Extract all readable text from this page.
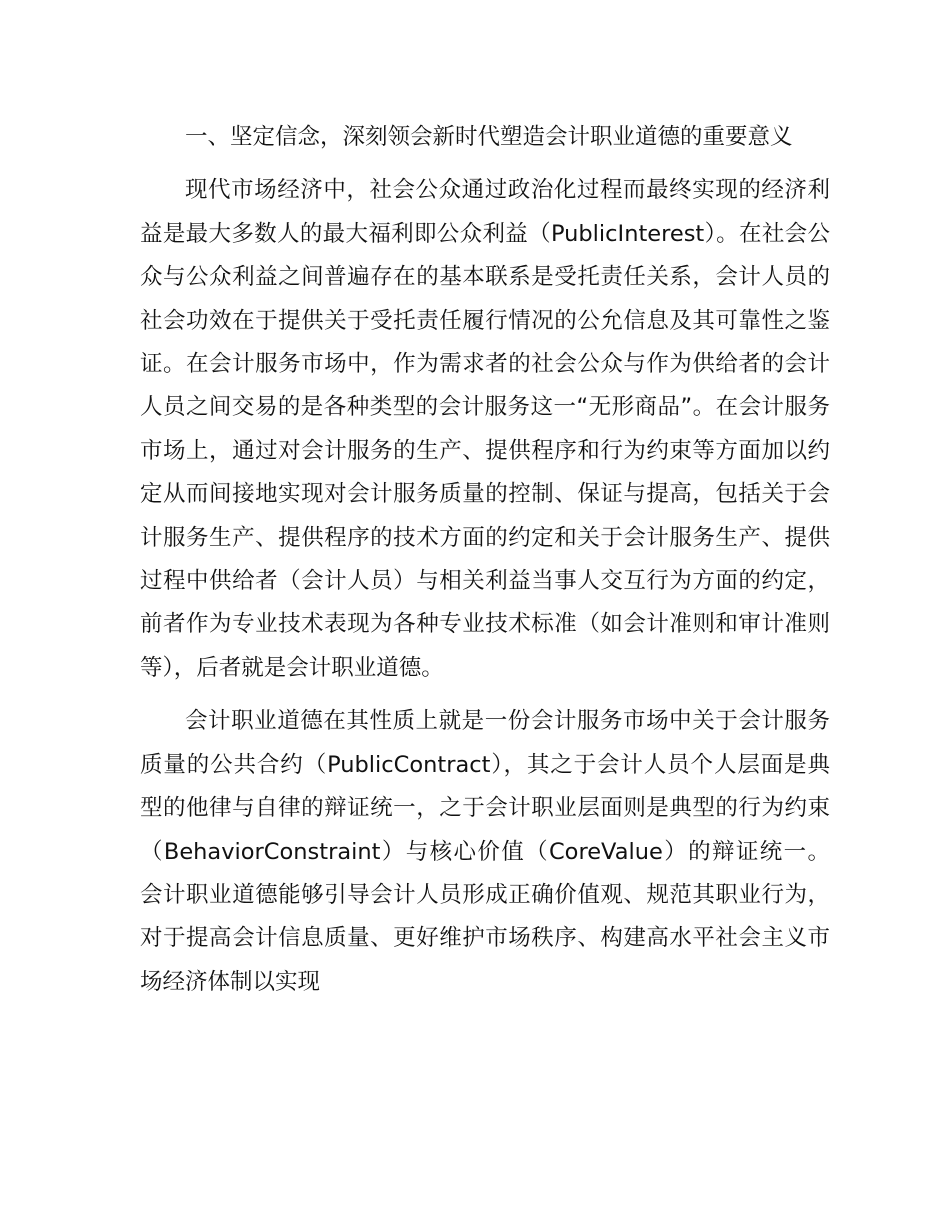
一、坚定信念，深刻领会新时代塑造会计职业道德的重要意义

现代市场经济中，社会公众通过政治化过程而最终实现的经济利益是最大多数人的最大福利即公众利益（PublicInterest）。在社会公众与公众利益之间普遍存在的基本联系是受托责任关系，会计人员的社会功效在于提供关于受托责任履行情况的公允信息及其可靠性之鉴证。在会计服务市场中，作为需求者的社会公众与作为供给者的会计人员之间交易的是各种类型的会计服务这一“无形商品”。在会计服务市场上，通过对会计服务的生产、提供程序和行为约束等方面加以约定从而间接地实现对会计服务质量的控制、保证与提高，包括关于会计服务生产、提供程序的技术方面的约定和关于会计服务生产、提供过程中供给者（会计人员）与相关利益当事人交互行为方面的约定，前者作为专业技术表现为各种专业技术标准（如会计准则和审计准则等），后者就是会计职业道德。

会计职业道德在其性质上就是一份会计服务市场中关于会计服务质量的公共合约（PublicContract），其之于会计人员个人层面是典型的他律与自律的辩证统一，之于会计职业层面则是典型的行为约束（BehaviorConstraint）与核心价值（CoreValue）的辩证统一。会计职业道德能够引导会计人员形成正确价值观、规范其职业行为，对于提高会计信息质量、更好维护市场秩序、构建高水平社会主义市场经济体制以实现
